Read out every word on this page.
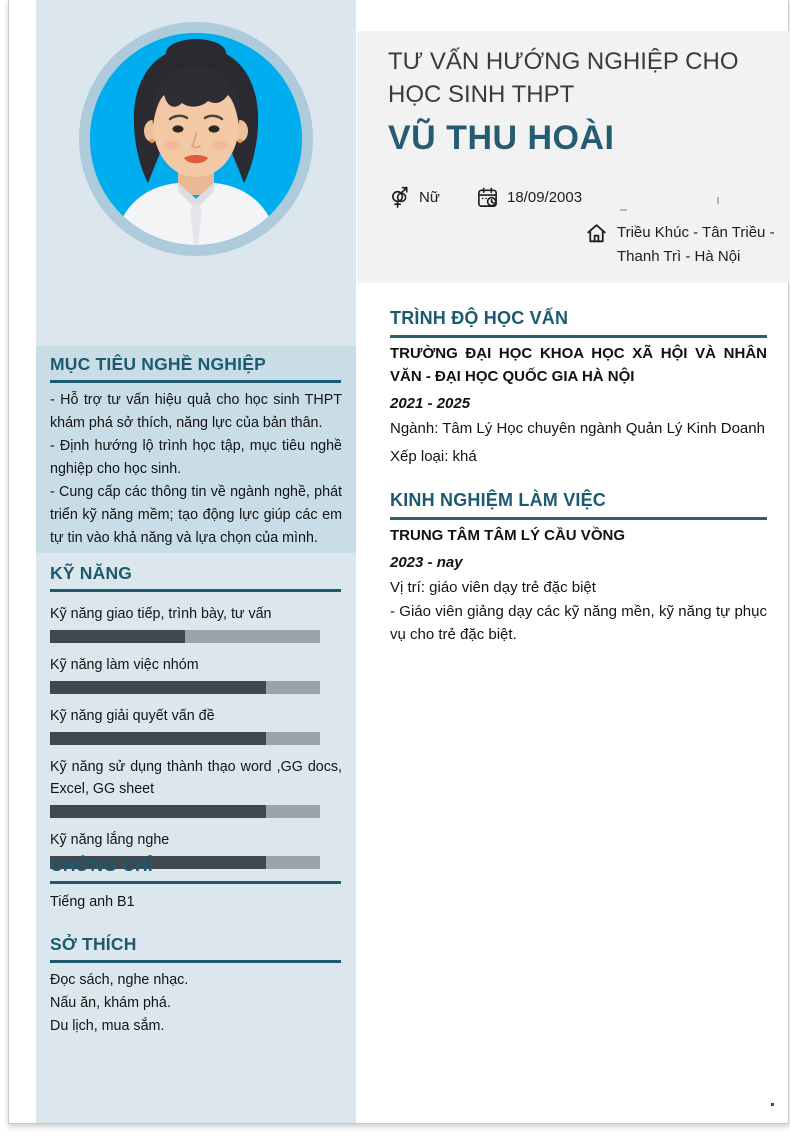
MỤC TIÊU NGHỀ NGHIỆP

- Hỗ trợ tư vấn hiệu quả cho học sinh THPT khám phá sở thích, năng lực của bản thân.

- Định hướng lộ trình học tập, mục tiêu nghề nghiệp cho học sinh.

- Cung cấp các thông tin về ngành nghề, phát triển kỹ năng mềm; tạo động lực giúp các em tự tin vào khả năng và lựa chọn của mình.

KỸ NĂNG
Kỹ năng giao tiếp, trình bày, tư vấn
Kỹ năng làm việc nhóm
Kỹ năng giải quyết vấn đề
Kỹ năng sử dụng thành thạo word ,GG docs, Excel, GG sheet
Kỹ năng lắng nghe
CHỨNG CHỈ
Tiếng anh B1
SỞ THÍCH
Đọc sách, nghe nhạc.
Nấu ăn, khám phá.
Du lịch, mua sắm.
TƯ VẤN HƯỚNG NGHIỆP CHO
HỌC SINH THPT
VŨ THU HOÀI
Nữ	18/09/2003
Triều Khúc - Tân Triều -
Thanh Trì - Hà Nội
TRÌNH ĐỘ HỌC VẤN
TRƯỜNG ĐẠI HỌC KHOA HỌC XÃ HỘI VÀ NHÂN VĂN - ĐẠI HỌC QUỐC GIA HÀ NỘI
2021 - 2025
Ngành: Tâm Lý Học chuyên ngành Quản Lý Kinh Doanh
Xếp loại: khá
KINH NGHIỆM LÀM VIỆC
TRUNG TÂM TÂM LÝ CẦU VỒNG
2023 - nay
Vị trí: giáo viên dạy trẻ đặc biệt
- Giáo viên giảng dạy các kỹ năng mền, kỹ năng tự phục vụ cho trẻ đặc biệt.
